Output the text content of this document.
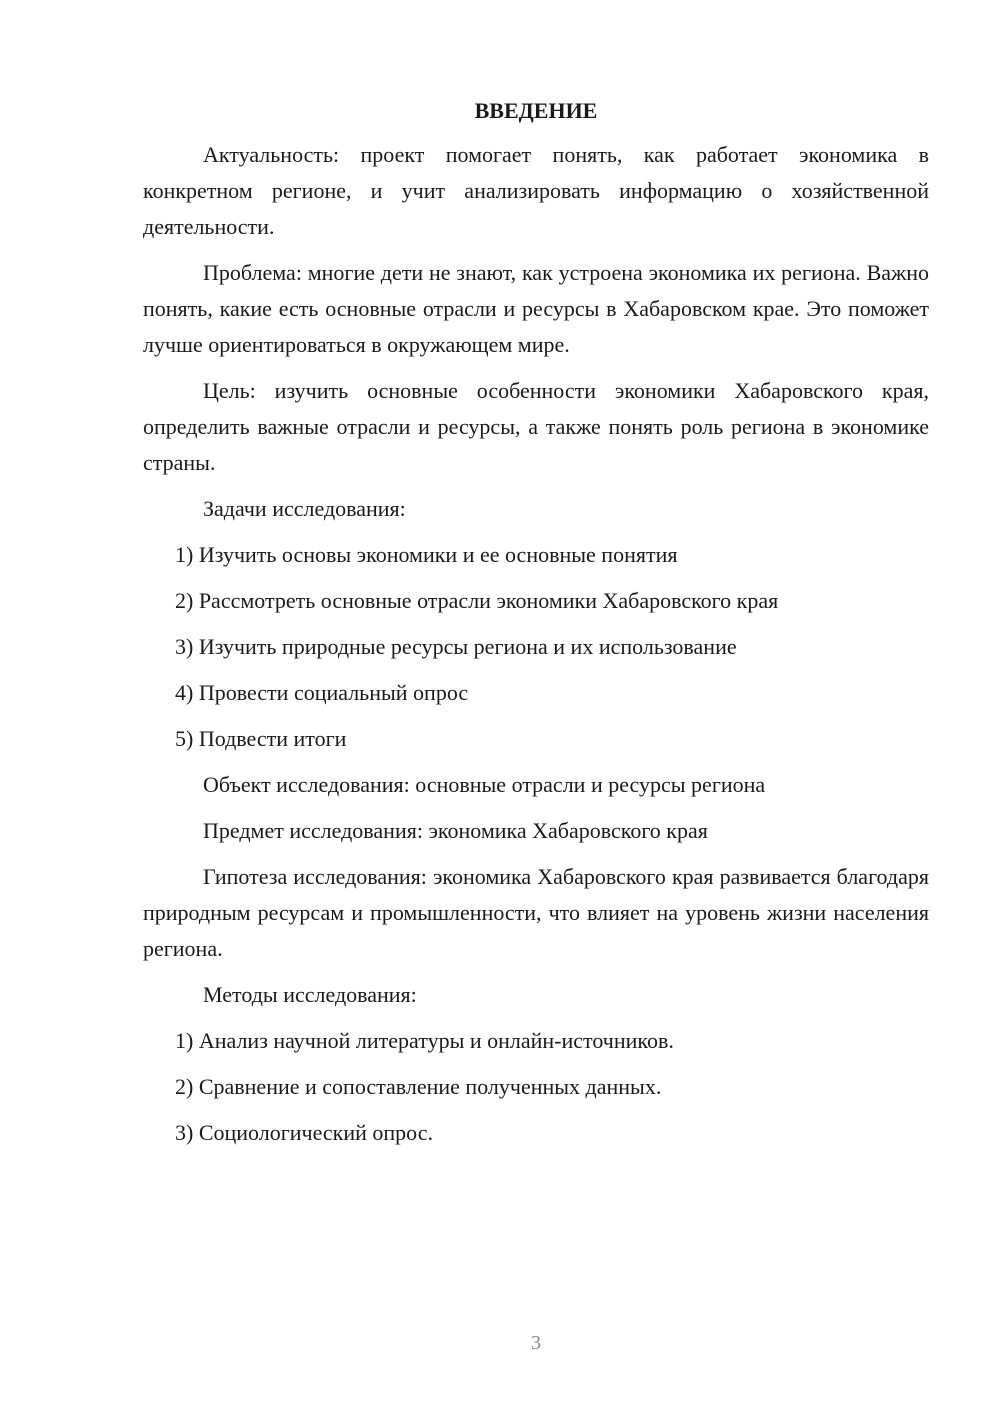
ВВЕДЕНИЕ

Актуальность: проект помогает понять, как работает экономика в конкретном регионе, и учит анализировать информацию о хозяйственной деятельности.

Проблема: многие дети не знают, как устроена экономика их региона. Важно понять, какие есть основные отрасли и ресурсы в Хабаровском крае. Это поможет лучше ориентироваться в окружающем мире.

Цель: изучить основные особенности экономики Хабаровского края, определить важные отрасли и ресурсы, а также понять роль региона в экономике страны.

Задачи исследования:
1) Изучить основы экономики и ее основные понятия
2) Рассмотреть основные отрасли экономики Хабаровского края
3) Изучить природные ресурсы региона и их использование
4) Провести социальный опрос
5) Подвести итоги
Объект исследования: основные отрасли и ресурсы региона
Предмет исследования: экономика Хабаровского края

Гипотеза исследования: экономика Хабаровского края развивается благодаря природным ресурсам и промышленности, что влияет на уровень жизни населения региона.

Методы исследования:
1) Анализ научной литературы и онлайн-источников.
2) Сравнение и сопоставление полученных данных.
3) Социологический опрос.
3
